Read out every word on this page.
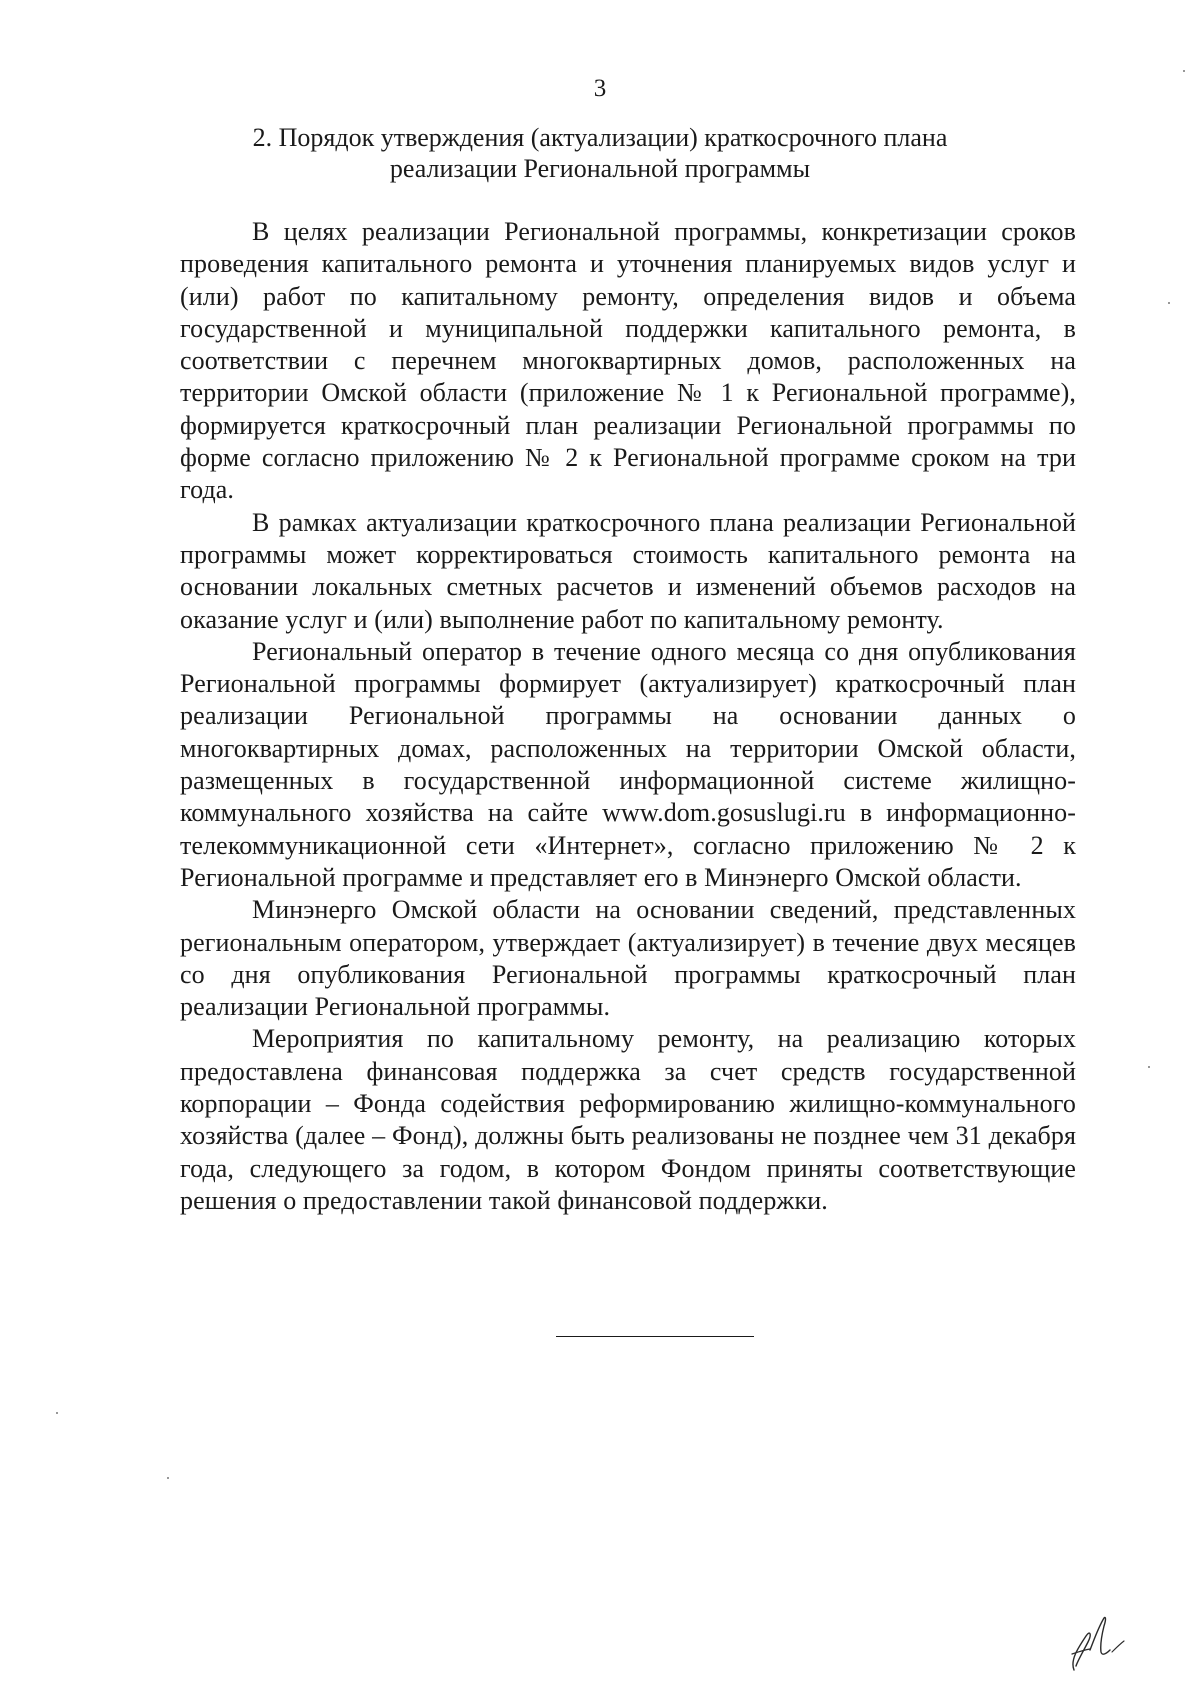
3
2. Порядок утверждения (актуализации) краткосрочного плана
реализации Региональной программы

В целях реализации Региональной программы, конкретизации сроков проведения капитального ремонта и уточнения планируемых видов услуг и (или) работ по капитальному ремонту, определения видов и объема государственной и муниципальной поддержки капитального ремонта, в соответствии с перечнем многоквартирных домов, расположенных на территории Омской области (приложение № 1 к Региональной программе), формируется краткосрочный план реализации Региональной программы по форме согласно приложению № 2 к Региональной программе сроком на три года.

В рамках актуализации краткосрочного плана реализации Региональной программы может корректироваться стоимость капитального ремонта на основании локальных сметных расчетов и изменений объемов расходов на оказание услуг и (или) выполнение работ по капитальному ремонту.

Региональный оператор в течение одного месяца со дня опубликования Региональной программы формирует (актуализирует) краткосрочный план реализации Региональной программы на основании данных о многоквартирных домах, расположенных на территории Омской области, размещенных в государственной информационной системе жилищно-коммунального хозяйства на сайте www.dom.gosuslugi.ru в информационно-телекоммуникационной сети «Интернет», согласно приложению № 2 к Региональной программе и представляет его в Минэнерго Омской области.

Минэнерго Омской области на основании сведений, представленных региональным оператором, утверждает (актуализирует) в течение двух месяцев со дня опубликования Региональной программы краткосрочный план реализации Региональной программы.

Мероприятия по капитальному ремонту, на реализацию которых предоставлена финансовая поддержка за счет средств государственной корпорации – Фонда содействия реформированию жилищно-коммунального хозяйства (далее – Фонд), должны быть реализованы не позднее чем 31 декабря года, следующего за годом, в котором Фондом приняты соответствующие решения о предоставлении такой финансовой поддержки.
